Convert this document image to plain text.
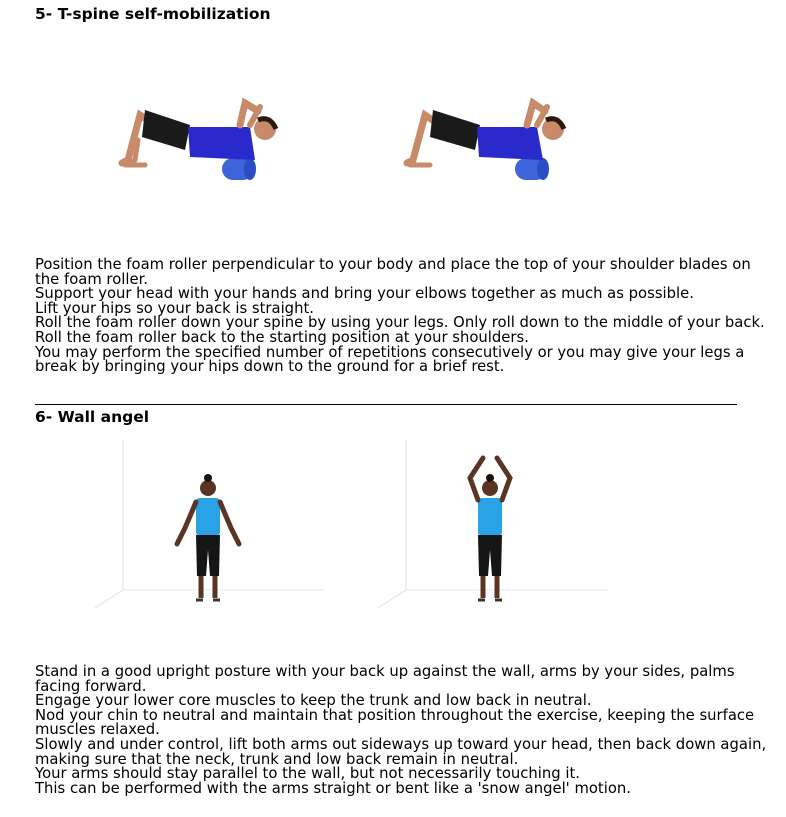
5- T-spine self-mobilization

Position the foam roller perpendicular to your body and place the top of your shoulder blades on the foam roller.

Support your head with your hands and bring your elbows together as much as possible.

Lift your hips so your back is straight.

Roll the foam roller down your spine by using your legs. Only roll down to the middle of your back.

Roll the foam roller back to the starting position at your shoulders.

You may perform the specified number of repetitions consecutively or you may give your legs a break by bringing your hips down to the ground for a brief rest.

6- Wall angel

Stand in a good upright posture with your back up against the wall, arms by your sides, palms facing forward.

Engage your lower core muscles to keep the trunk and low back in neutral.

Nod your chin to neutral and maintain that position throughout the exercise, keeping the surface muscles relaxed.

Slowly and under control, lift both arms out sideways up toward your head, then back down again, making sure that the neck, trunk and low back remain in neutral.

Your arms should stay parallel to the wall, but not necessarily touching it.

This can be performed with the arms straight or bent like a 'snow angel' motion.
